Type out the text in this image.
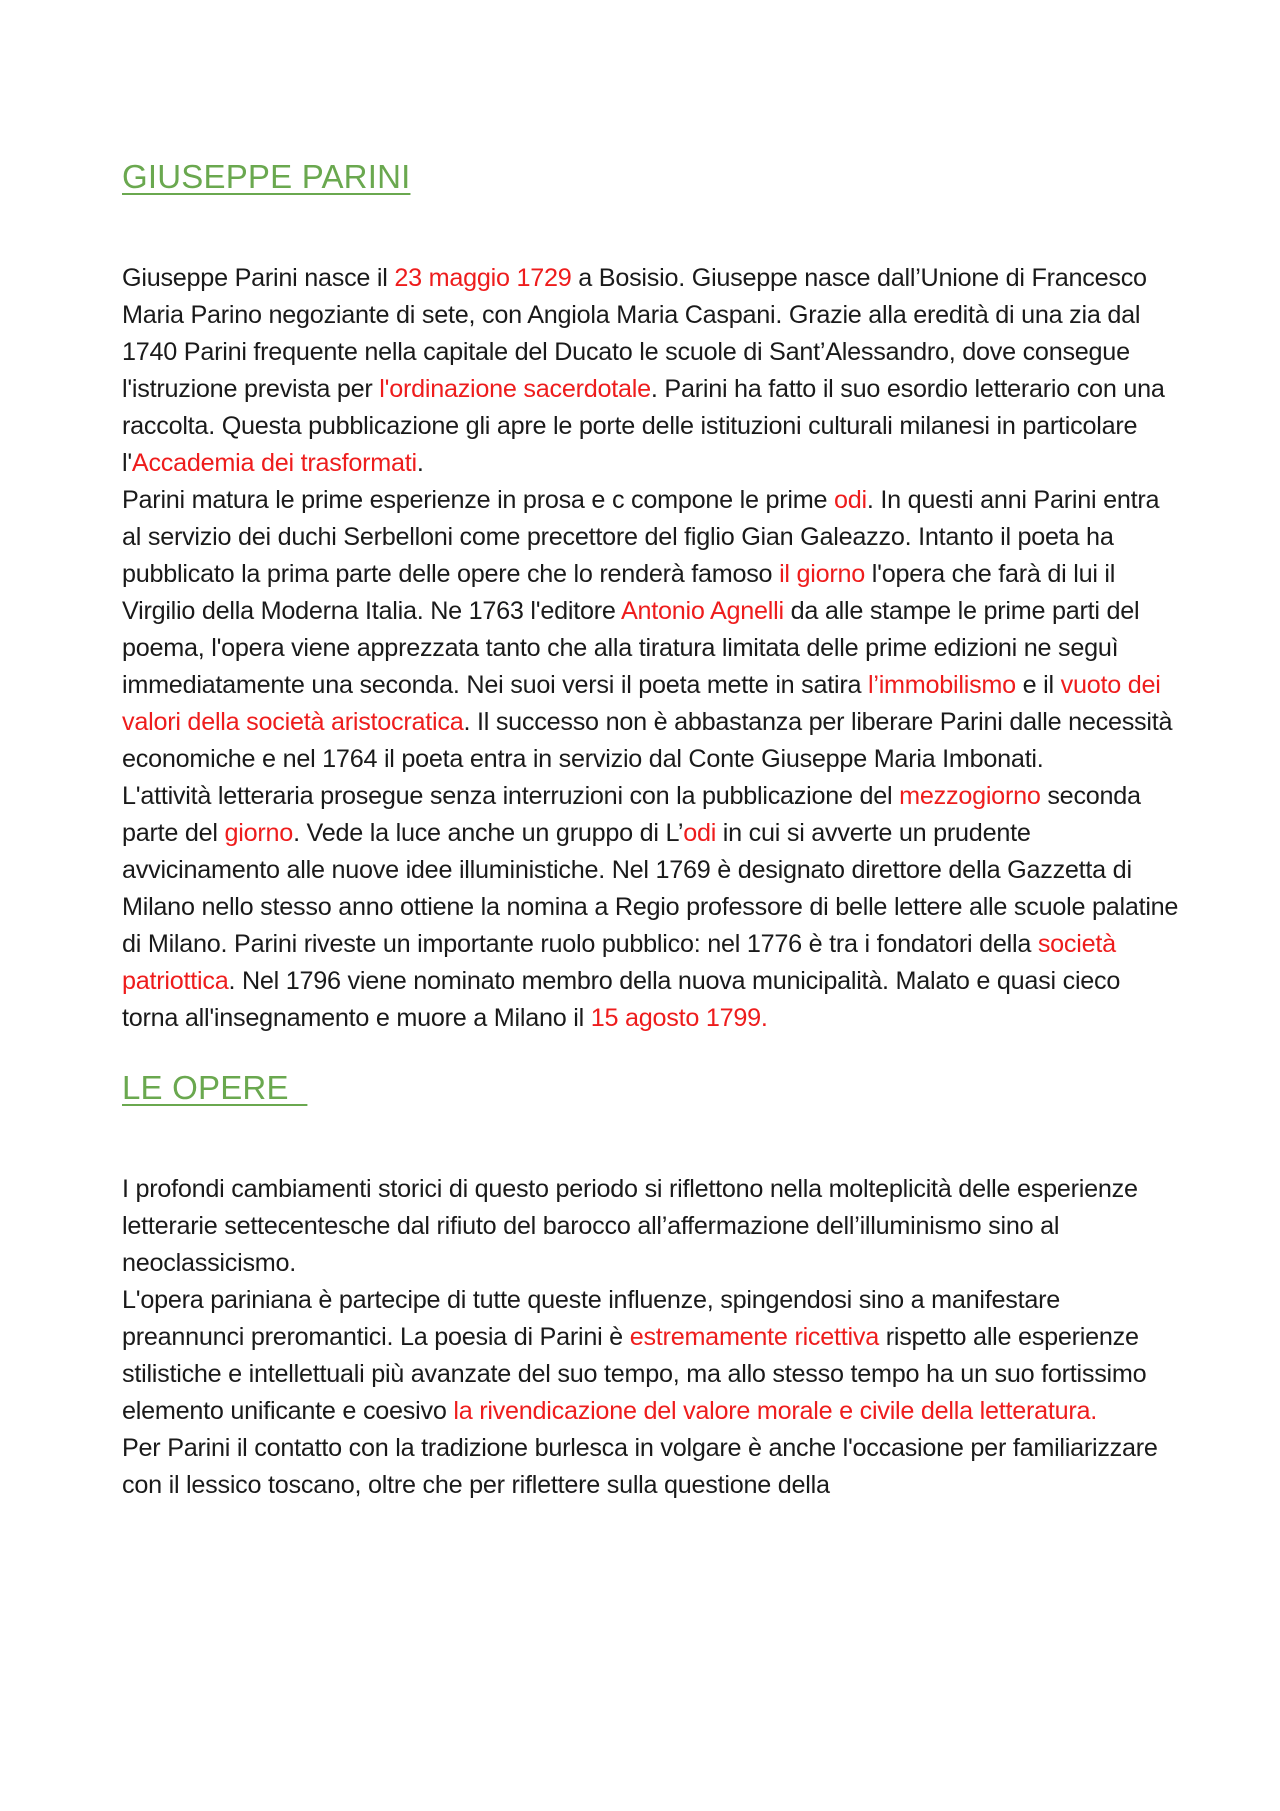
GIUSEPPE PARINI

Giuseppe Parini nasce il 23 maggio 1729 a Bosisio. Giuseppe nasce dall’Unione di Francesco Maria Parino negoziante di sete, con Angiola Maria Caspani. Grazie alla eredità di una zia dal 1740 Parini frequente nella capitale del Ducato le scuole di Sant’Alessandro, dove consegue l'istruzione prevista per l'ordinazione sacerdotale. Parini ha fatto il suo esordio letterario con una raccolta. Questa pubblicazione gli apre le porte delle istituzioni culturali milanesi in particolare l'Accademia dei trasformati.

Parini matura le prime esperienze in prosa e c compone le prime odi. In questi anni Parini entra al servizio dei duchi Serbelloni come precettore del figlio Gian Galeazzo. Intanto il poeta ha pubblicato la prima parte delle opere che lo renderà famoso il giorno l'opera che farà di lui il Virgilio della Moderna Italia. Ne 1763 l'editore Antonio Agnelli da alle stampe le prime parti del poema, l'opera viene apprezzata tanto che alla tiratura limitata delle prime edizioni ne seguì immediatamente una seconda. Nei suoi versi il poeta mette in satira l’immobilismo e il vuoto dei valori della società aristocratica. Il successo non è abbastanza per liberare Parini dalle necessità economiche e nel 1764 il poeta entra in servizio dal Conte Giuseppe Maria Imbonati.

L'attività letteraria prosegue senza interruzioni con la pubblicazione del mezzogiorno seconda parte del giorno. Vede la luce anche un gruppo di L’odi in cui si avverte un prudente avvicinamento alle nuove idee illuministiche. Nel 1769 è designato direttore della Gazzetta di Milano nello stesso anno ottiene la nomina a Regio professore di belle lettere alle scuole palatine di Milano. Parini riveste un importante ruolo pubblico: nel 1776 è tra i fondatori della società patriottica. Nel 1796 viene nominato membro della nuova municipalità. Malato e quasi cieco torna all'insegnamento e muore a Milano il 15 agosto 1799.

LE OPERE

I profondi cambiamenti storici di questo periodo si riflettono nella molteplicità delle esperienze letterarie settecentesche dal rifiuto del barocco all’affermazione dell’illuminismo sino al neoclassicismo.

L'opera pariniana è partecipe di tutte queste influenze, spingendosi sino a manifestare preannunci preromantici. La poesia di Parini è estremamente ricettiva rispetto alle esperienze stilistiche e intellettuali più avanzate del suo tempo, ma allo stesso tempo ha un suo fortissimo elemento unificante e coesivo la rivendicazione del valore morale e civile della letteratura.

Per Parini il contatto con la tradizione burlesca in volgare è anche l'occasione per familiarizzare con il lessico toscano, oltre che per riflettere sulla questione della
